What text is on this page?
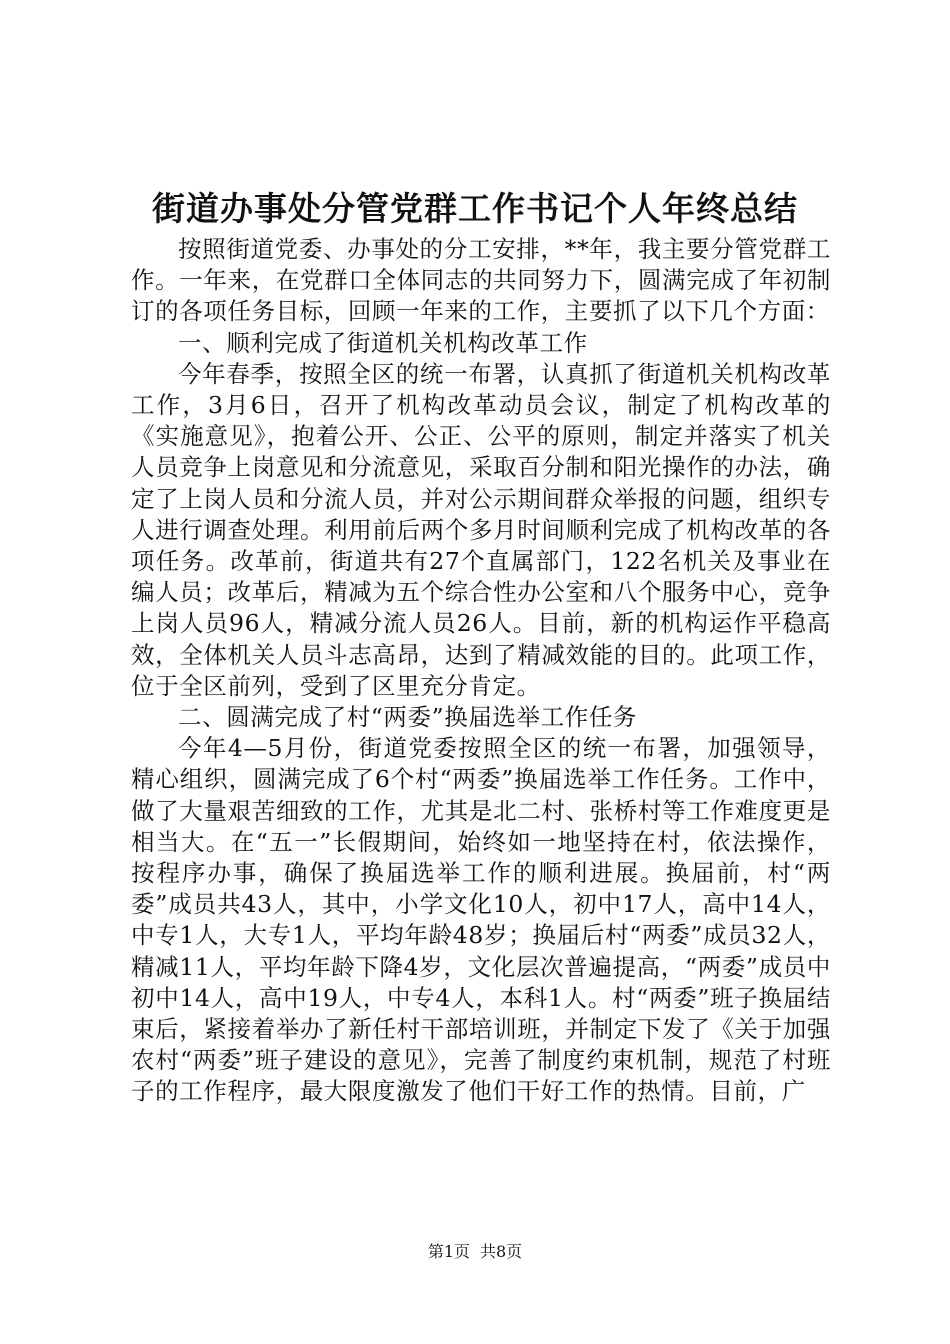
街道办事处分管党群工作书记个人年终总结

按照街道党委、办事处的分工安排，**年，我主要分管党群工作。一年来，在党群口全体同志的共同努力下，圆满完成了年初制订的各项任务目标，回顾一年来的工作，主要抓了以下几个方面：

一、顺利完成了街道机关机构改革工作

今年春季，按照全区的统一布署，认真抓了街道机关机构改革工作，3月6日，召开了机构改革动员会议，制定了机构改革的《实施意见》，抱着公开、公正、公平的原则，制定并落实了机关人员竞争上岗意见和分流意见，采取百分制和阳光操作的办法，确定了上岗人员和分流人员，并对公示期间群众举报的问题，组织专人进行调查处理。利用前后两个多月时间顺利完成了机构改革的各项任务。改革前，街道共有27个直属部门，122名机关及事业在编人员；改革后，精减为五个综合性办公室和八个服务中心，竞争上岗人员96人，精减分流人员26人。目前，新的机构运作平稳高效，全体机关人员斗志高昂，达到了精减效能的目的。此项工作，位于全区前列，受到了区里充分肯定。

二、圆满完成了村“两委”换届选举工作任务

今年4—5月份，街道党委按照全区的统一布署，加强领导，精心组织，圆满完成了6个村“两委”换届选举工作任务。工作中，做了大量艰苦细致的工作，尤其是北二村、张桥村等工作难度更是相当大。在“五一”长假期间，始终如一地坚持在村，依法操作，按程序办事，确保了换届选举工作的顺利进展。换届前，村“两委”成员共43人，其中，小学文化10人，初中17人，高中14人，中专1人，大专1人，平均年龄48岁；换届后村“两委”成员32人，精减11人，平均年龄下降4岁，文化层次普遍提高，“两委”成员中初中14人，高中19人，中专4人，本科1人。村“两委”班子换届结束后，紧接着举办了新任村干部培训班，并制定下发了《关于加强农村“两委”班子建设的意见》，完善了制度约束机制，规范了村班子的工作程序，最大限度激发了他们干好工作的热情。目前，广

第1页 共8页
